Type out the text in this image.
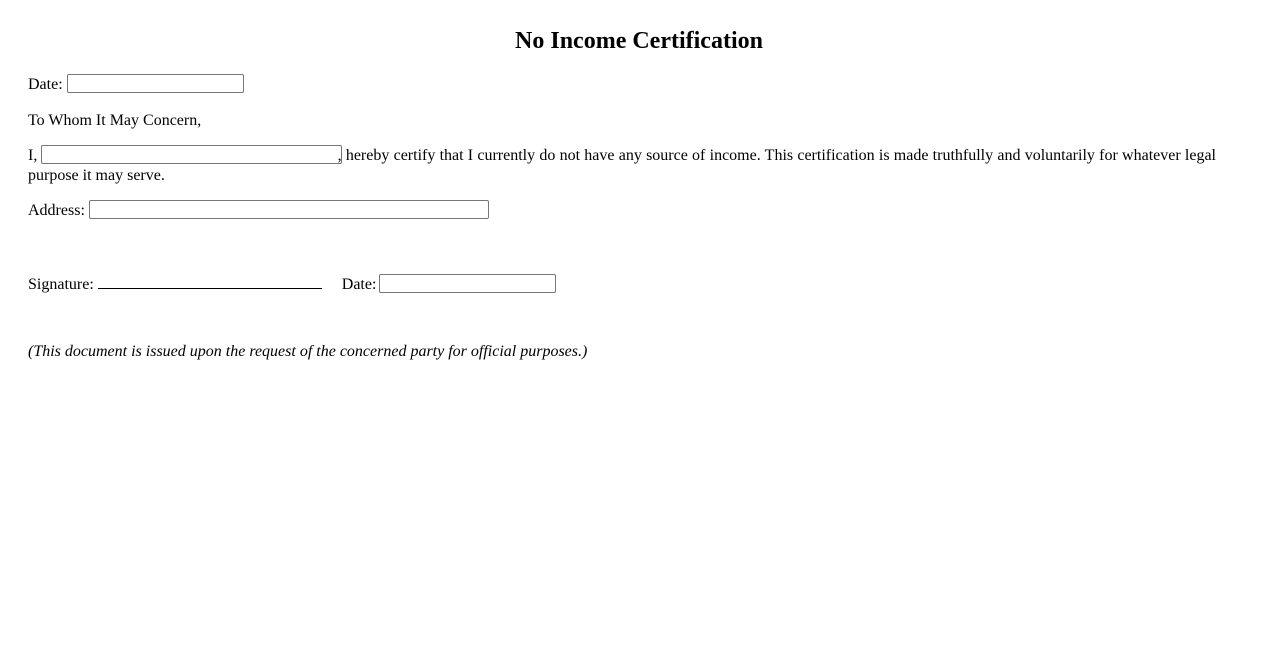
No Income Certification
Date:
To Whom It May Concern,
I,	, hereby certify that I currently do not have any source of income. This certification is made truthfully and voluntarily for whatever legal purpose it may serve.
Address:
Signature:	Date:
(This document is issued upon the request of the concerned party for official purposes.)
